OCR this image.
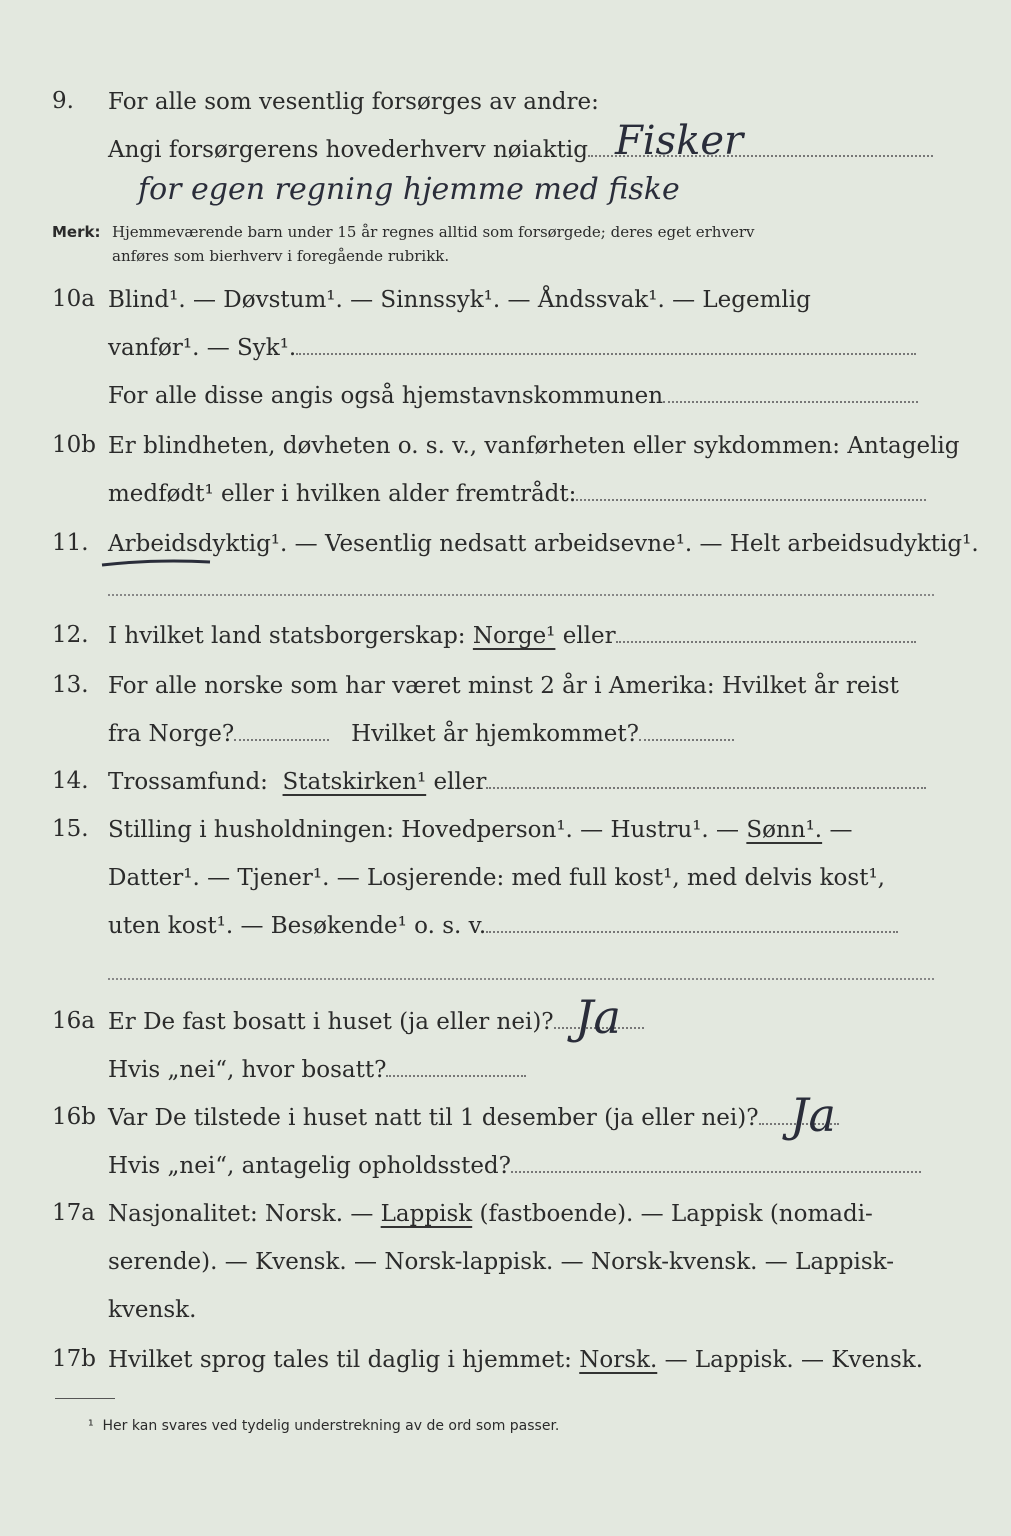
9. For alle som vesentlig forsørges av andre:
Angi forsørgerens hovederhverv nøiaktig Fisker
for egen regning hjemme med fiske
Merk: Hjemmeværende barn under 15 år regnes alltid som forsørgede; deres eget erhverv
anføres som bierhverv i foregående rubrikk.
10a Blind¹. — Døvstum¹. — Sinnssyk¹. — Åndssvak¹. — Legemlig
vanfør¹. — Syk¹.
For alle disse angis også hjemstavnskommunen
10b Er blindheten, døvheten o. s. v., vanførheten eller sykdommen: Antagelig
medfødt¹ eller i hvilken alder fremtrådt:
11. Arbeidsdyktig¹. — Vesentlig nedsatt arbeidsevne¹. — Helt arbeidsudyktig¹.
12. I hvilket land statsborgerskap: Norge¹ eller
13. For alle norske som har været minst 2 år i Amerika: Hvilket år reist
fra Norge?	Hvilket år hjemkommet?
14. Trossamfund: Statskirken¹ eller
15. Stilling i husholdningen: Hovedperson¹. — Hustru¹. — Sønn¹. —
Datter¹. — Tjener¹. — Losjerende: med full kost¹, med delvis kost¹,
uten kost¹. — Besøkende¹ o. s. v.
16a Er De fast bosatt i huset (ja eller nei)? Ja
Hvis „nei“, hvor bosatt?
16b Var De tilstede i huset natt til 1 desember (ja eller nei)? Ja
Hvis „nei“, antagelig opholdssted?
17a Nasjonalitet: Norsk. — Lappisk (fastboende). — Lappisk (nomadi-
serende). — Kvensk. — Norsk-lappisk. — Norsk-kvensk. — Lappisk-
kvensk.
17b Hvilket sprog tales til daglig i hjemmet: Norsk. — Lappisk. — Kvensk.
¹ Her kan svares ved tydelig understrekning av de ord som passer.
